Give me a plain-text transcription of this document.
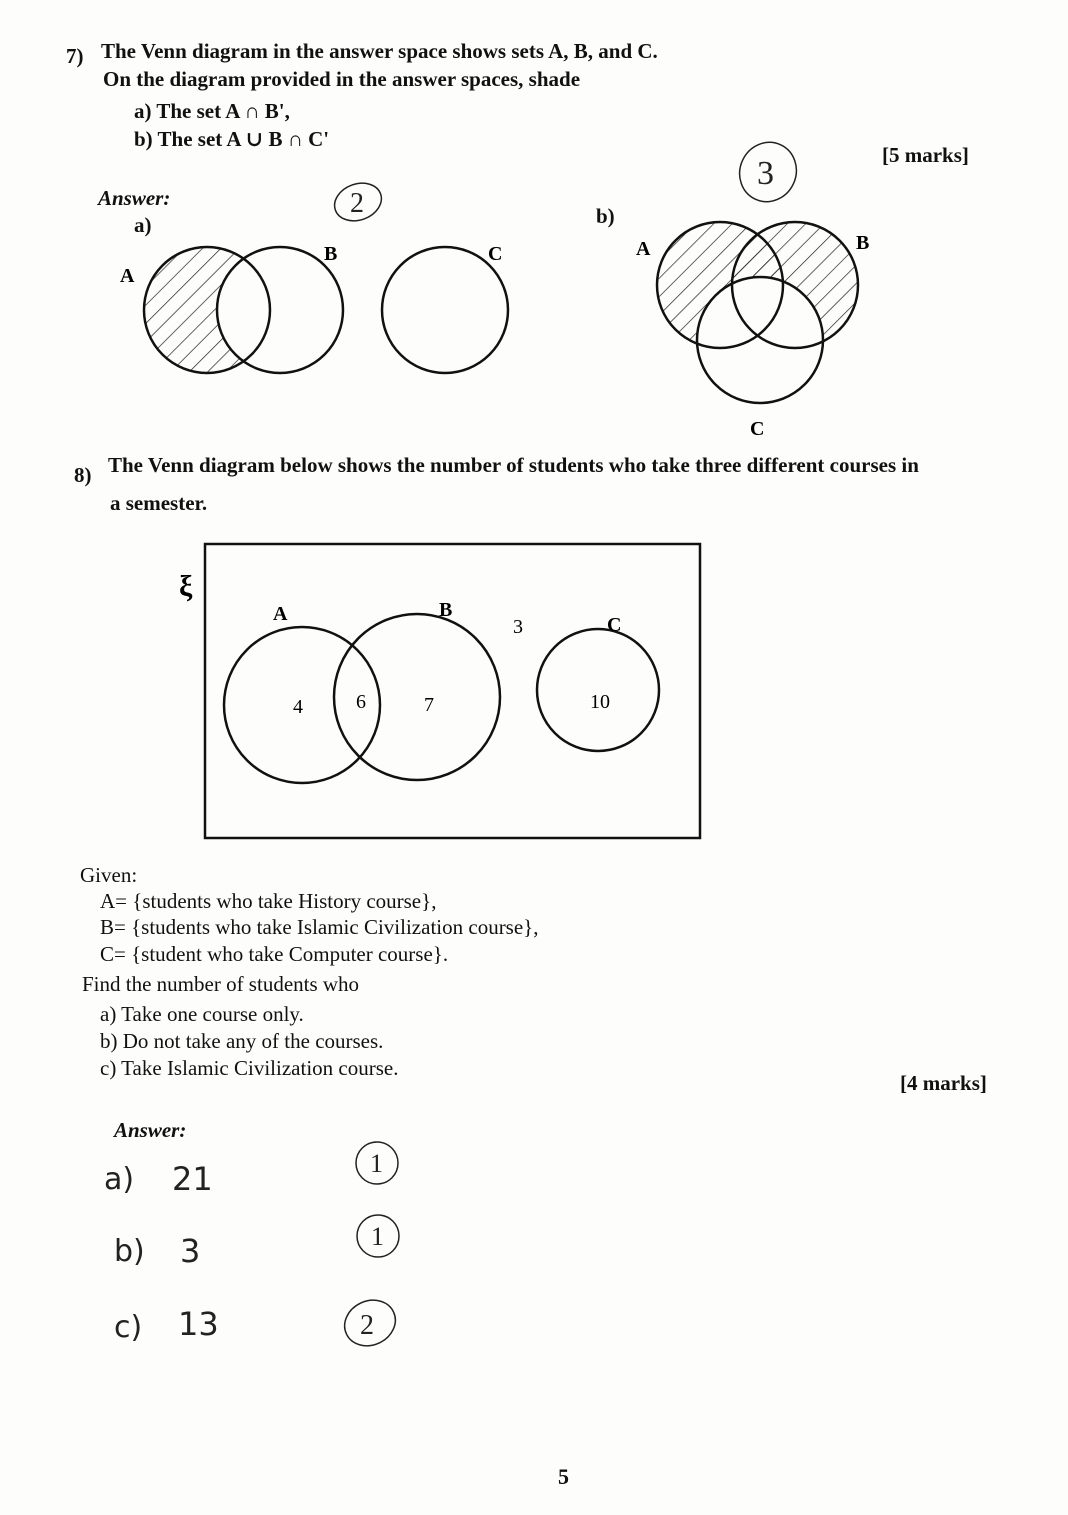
7) The Venn diagram in the answer space shows sets A, B, and C.
On the diagram provided in the answer spaces, shade
a) The set A ∩ B',
b) The set A ∪ B ∩ C'
[5 marks]
Answer:
a)	b)
2
3
A
B	C	A	B
C
8) The Venn diagram below shows the number of students who take three different courses in
a semester.
ξ
A	B
C
3
4	6	7	10
Given:
A= {students who take History course},
B= {students who take Islamic Civilization course},
C= {student who take Computer course}.
Find the number of students who
a) Take one course only.
b) Do not take any of the courses.
c) Take Islamic Civilization course.
[4 marks]
Answer:
a) 21
b) 3
c) 13
1
1
2
5
